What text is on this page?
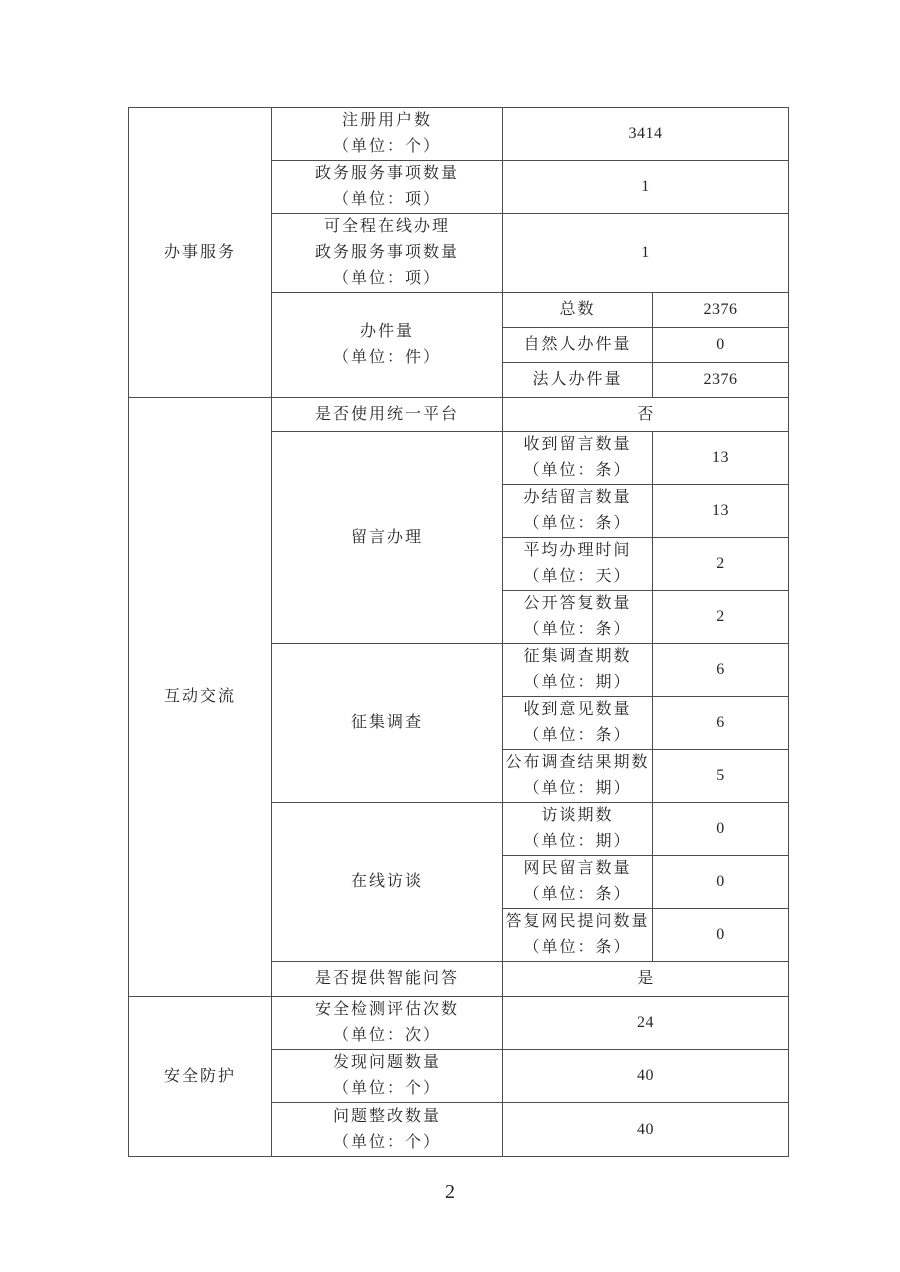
办事服务	注册用户数
（单位：个）	3414	

	政务服务事项数量
（单位：项）	1	

	可全程在线办理
政务服务事项数量
（单位：项）	1	

	办件量
（单位：件）	总数	2376
		自然人办件量	0
		法人办件量	2376
互动交流	是否使用统一平台	否	
	留言办理	收到留言数量
（单位：条）	13

		办结留言数量
（单位：条）	13

		平均办理时间
（单位：天）	2

		公开答复数量
（单位：条）	2
	征集调查	征集调查期数
（单位：期）	6

		收到意见数量
（单位：条）	6

		公布调查结果期数
（单位：期）	5
	在线访谈	访谈期数
（单位：期）	0

		网民留言数量
（单位：条）	0

		答复网民提问数量
（单位：条）	0
	是否提供智能问答	是	
安全防护	安全检测评估次数
（单位：次）	24	

	发现问题数量
（单位：个）	40	

	问题整改数量
（单位：个）	40	
2
